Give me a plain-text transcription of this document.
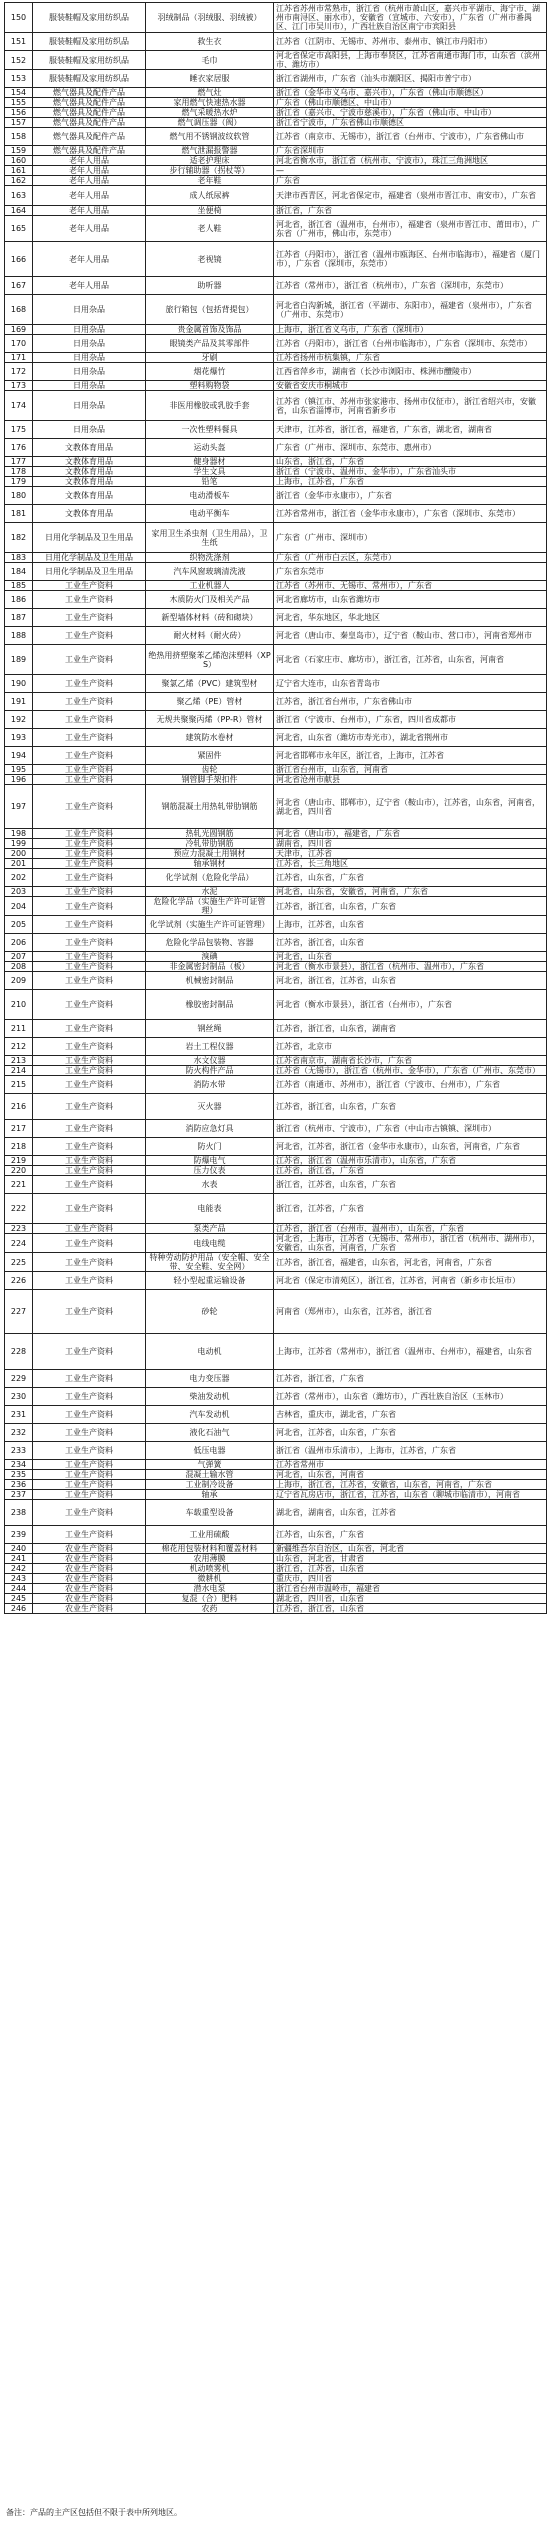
150	服装鞋帽及家用纺织品	羽绒制品（羽绒服、羽绒被）	江苏省苏州市常熟市，浙江省（杭州市萧山区，嘉兴市平湖市、海宁市、湖州市南浔区、丽水市），安徽省（宣城市、六安市），广东省（广州市番禺区、江门市吴川市），广西壮族自治区南宁市宾阳县
151	服装鞋帽及家用纺织品	救生衣	江苏省（江阴市、无锡市、苏州市、泰州市、镇江市丹阳市）
152	服装鞋帽及家用纺织品	毛巾	河北省保定市高阳县，上海市奉贤区，江苏省南通市海门市，山东省（滨州市、潍坊市）
153	服装鞋帽及家用纺织品	睡衣家居服	浙江省湖州市，广东省（汕头市潮阳区、揭阳市普宁市）
154	燃气器具及配件产品	燃气灶	浙江省（金华市义乌市、嘉兴市），广东省（佛山市顺德区）
155	燃气器具及配件产品	家用燃气快速热水器	广东省（佛山市顺德区、中山市）
156	燃气器具及配件产品	燃气采暖热水炉	浙江省（嘉兴市、宁波市慈溪市），广东省（佛山市、中山市）
157	燃气器具及配件产品	燃气调压器（阀）	浙江省宁波市，广东省佛山市顺德区
158	燃气器具及配件产品	燃气用不锈钢波纹软管	江苏省（南京市、无锡市），浙江省（台州市、宁波市），广东省佛山市
159	燃气器具及配件产品	燃气泄漏报警器	广东省深圳市
160	老年人用品	适老护理床	河北省衡水市，浙江省（杭州市、宁波市），珠江三角洲地区
161	老年人用品	步行辅助器（拐杖等）	—
162	老年人用品	老年鞋	广东省
163	老年人用品	成人纸尿裤	天津市西青区，河北省保定市，福建省（泉州市晋江市、南安市），广东省
164	老年人用品	坐便椅	浙江省，广东省
165	老年人用品	老人鞋	河北省，浙江省（温州市，台州市），福建省（泉州市晋江市、莆田市），广东省（广州市，佛山市，东莞市）
166	老年人用品	老视镜	江苏省（丹阳市），浙江省（温州市瓯海区、台州市临海市），福建省（厦门市），广东省（深圳市，东莞市）
167	老年人用品	助听器	江苏省（常州市），浙江省（杭州市），广东省（深圳市，东莞市）
168	日用杂品	旅行箱包（包括背提包）	河北省白沟新城，浙江省（平湖市、东阳市），福建省（泉州市），广东省（广州市、东莞市）
169	日用杂品	贵金属首饰及饰品	上海市，浙江省义乌市，广东省（深圳市）
170	日用杂品	眼镜类产品及其零部件	江苏省（丹阳市），浙江省（台州市临海市），广东省（深圳市、东莞市）
171	日用杂品	牙刷	江苏省扬州市杭集镇，广东省
172	日用杂品	烟花爆竹	江西省萍乡市，湖南省（长沙市浏阳市、株洲市醴陵市）
173	日用杂品	塑料购物袋	安徽省安庆市桐城市
174	日用杂品	非医用橡胶或乳胶手套	江苏省（镇江市、苏州市张家港市、扬州市仪征市），浙江省绍兴市，安徽省，山东省淄博市，河南省新乡市
175	日用杂品	一次性塑料餐具	天津市，江苏省，浙江省，福建省，广东省，湖北省，湖南省
176	文教体育用品	运动头盔	广东省（广州市、深圳市、东莞市、惠州市）
177	文教体育用品	健身器材	山东省，浙江省，广东省
178	文教体育用品	学生文具	浙江省（宁波市、温州市、金华市），广东省汕头市
179	文教体育用品	铅笔	上海市，江苏省，广东省
180	文教体育用品	电动滑板车	浙江省（金华市永康市），广东省
181	文教体育用品	电动平衡车	江苏省常州市，浙江省（金华市永康市），广东省（深圳市、东莞市）
182	日用化学制品及卫生用品	家用卫生杀虫剂（卫生用品），卫生纸	广东省（广州市、深圳市）
183	日用化学制品及卫生用品	织物洗涤剂	广东省（广州市白云区，东莞市）
184	日用化学制品及卫生用品	汽车风窗玻璃清洗液	广东省东莞市
185	工业生产资料	工业机器人	江苏省（苏州市、无锡市、常州市），广东省
186	工业生产资料	木质防火门及相关产品	河北省廊坊市，山东省潍坊市
187	工业生产资料	新型墙体材料（砖和砌块）	河北省，华东地区，华北地区
188	工业生产资料	耐火材料（耐火砖）	河北省（唐山市、秦皇岛市），辽宁省（鞍山市、营口市），河南省郑州市
189	工业生产资料	绝热用挤塑聚苯乙烯泡沫塑料（XPS）	河北省（石家庄市、廊坊市），浙江省，江苏省，山东省，河南省
190	工业生产资料	聚氯乙烯（PVC）建筑型材	辽宁省大连市，山东省青岛市
191	工业生产资料	聚乙烯（PE）管材	江苏省，浙江省台州市，广东省佛山市
192	工业生产资料	无规共聚聚丙烯（PP-R）管材	浙江省（宁波市、台州市），广东省，四川省成都市
193	工业生产资料	建筑防水卷材	河北省，山东省（潍坊市寿光市），湖北省荆州市
194	工业生产资料	紧固件	河北省邯郸市永年区，浙江省，上海市，江苏省
195	工业生产资料	齿轮	浙江省台州市，山东省，河南省
196	工业生产资料	钢管脚手架扣件	河北省沧州市献县
197	工业生产资料	钢筋混凝土用热轧带肋钢筋	河北省（唐山市、邯郸市），辽宁省（鞍山市），江苏省，山东省，河南省，湖北省，四川省
198	工业生产资料	热轧光圆钢筋	河北省（唐山市），福建省，广东省
199	工业生产资料	冷轧带肋钢筋	湖南省，四川省
200	工业生产资料	预应力混凝土用钢材	天津市，江苏省
201	工业生产资料	轴承钢材	江苏省，长三角地区
202	工业生产资料	化学试剂（危险化学品）	江苏省，山东省，广东省
203	工业生产资料	水泥	河北省，山东省，安徽省，河南省，广东省
204	工业生产资料	危险化学品（实施生产许可证管理）	江苏省，浙江省，山东省，广东省
205	工业生产资料	化学试剂（实施生产许可证管理）	上海市，江苏省，山东省
206	工业生产资料	危险化学品包装物、容器	江苏省，浙江省，山东省
207	工业生产资料	溴碘	河北省，山东省
208	工业生产资料	非金属密封制品（板）	河北省（衡水市景县），浙江省（杭州市、温州市），广东省
209	工业生产资料	机械密封制品	河北省，浙江省，江苏省，山东省
210	工业生产资料	橡胶密封制品	河北省（衡水市景县），浙江省（台州市），广东省
211	工业生产资料	钢丝绳	江苏省，浙江省，山东省，湖南省
212	工业生产资料	岩土工程仪器	江苏省，北京市
213	工业生产资料	水文仪器	江苏省南京市，湖南省长沙市，广东省
214	工业生产资料	防火构件产品	江苏省（无锡市），浙江省（杭州市、金华市），广东省（广州市、东莞市）
215	工业生产资料	消防水带	江苏省（南通市、苏州市），浙江省（宁波市、台州市），广东省
216	工业生产资料	灭火器	江苏省，浙江省，山东省，广东省
217	工业生产资料	消防应急灯具	浙江省（杭州市、宁波市），广东省（中山市古镇镇、深圳市）
218	工业生产资料	防火门	河北省，江苏省，浙江省（金华市永康市），山东省，河南省，广东省
219	工业生产资料	防爆电气	江苏省，浙江省（温州市乐清市），山东省，广东省
220	工业生产资料	压力仪表	江苏省，浙江省，广东省
221	工业生产资料	水表	浙江省，江苏省，山东省，广东省
222	工业生产资料	电能表	浙江省，江苏省，广东省
223	工业生产资料	泵类产品	江苏省，浙江省（台州市、温州市），山东省，广东省
224	工业生产资料	电线电缆	河北省，上海市，江苏省（无锡市、常州市），浙江省（杭州市、湖州市），安徽省，山东省，河南省，广东省
225	工业生产资料	特种劳动防护用品（安全帽、安全带、安全鞋、安全网）	江苏省，浙江省，福建省，山东省，河北省，河南省，广东省
226	工业生产资料	轻小型起重运输设备	河北省（保定市清苑区），浙江省，江苏省，河南省（新乡市长垣市）
227	工业生产资料	砂轮	河南省（郑州市），山东省，江苏省，浙江省
228	工业生产资料	电动机	上海市，江苏省（常州市），浙江省（温州市、台州市），福建省，山东省
229	工业生产资料	电力变压器	江苏省，浙江省，广东省
230	工业生产资料	柴油发动机	江苏省（常州市），山东省（潍坊市），广西壮族自治区（玉林市）
231	工业生产资料	汽车发动机	吉林省，重庆市，湖北省，广东省
232	工业生产资料	液化石油气	河北省，江苏省，山东省，广东省
233	工业生产资料	低压电器	浙江省（温州市乐清市），上海市，江苏省，广东省
234	工业生产资料	气弹簧	江苏省常州市
235	工业生产资料	混凝土输水管	河北省，山东省，河南省
236	工业生产资料	工业制冷设备	上海市，浙江省，江苏省，安徽省，山东省，河南省，广东省
237	工业生产资料	轴承	辽宁省瓦房店市，浙江省，江苏省，山东省（聊城市临清市），河南省
238	工业生产资料	车载重型设备	湖北省，湖南省，山东省，江苏省
239	工业生产资料	工业用硫酸	江苏省，山东省，广东省
240	农业生产资料	棉花用包装材料和覆盖材料	新疆维吾尔自治区，山东省，河北省
241	农业生产资料	农用薄膜	山东省，河北省，甘肃省
242	农业生产资料	机动喷雾机	浙江省，江苏省，山东省
243	农业生产资料	微耕机	重庆市，四川省
244	农业生产资料	潜水电泵	浙江省台州市温岭市，福建省
245	农业生产资料	复混（合）肥料	湖北省，四川省，山东省
246	农业生产资料	农药	江苏省，浙江省，山东省
备注：产品的主产区包括但不限于表中所列地区。
